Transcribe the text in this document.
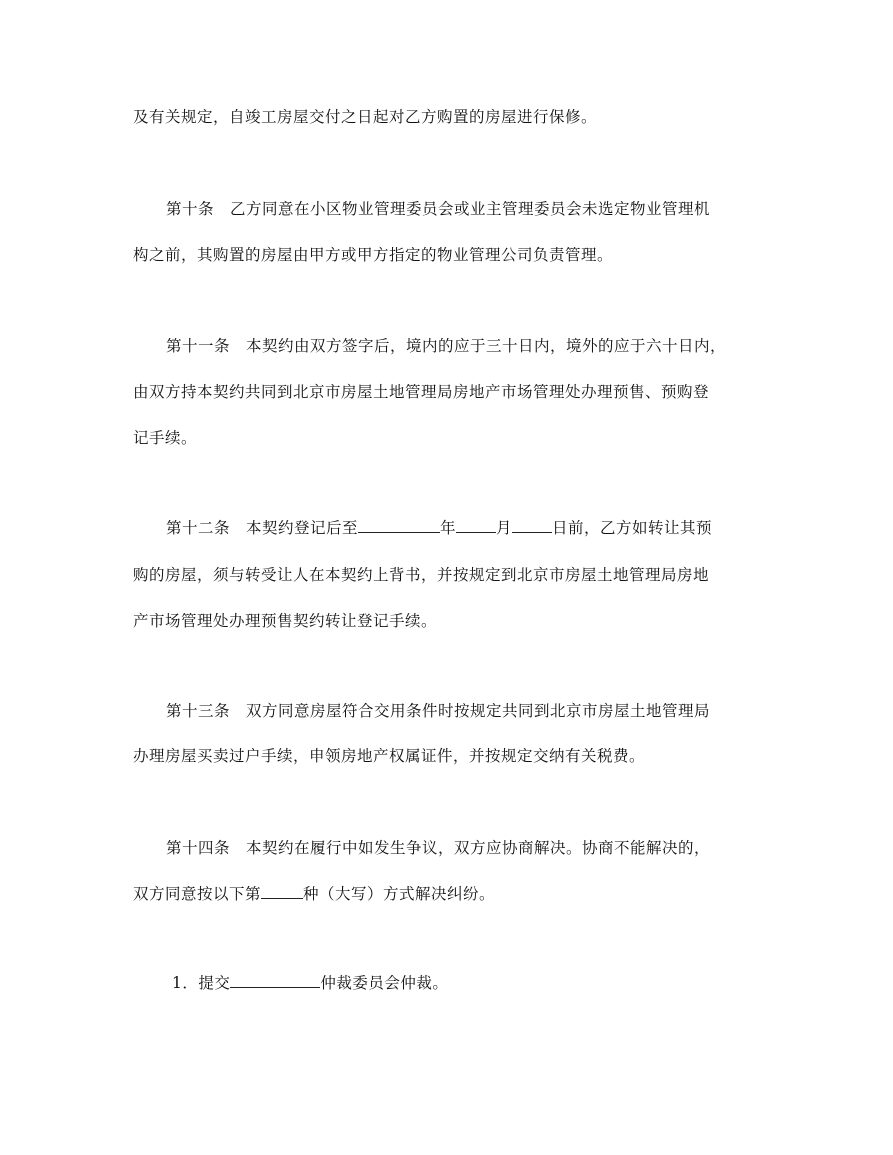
及有关规定，自竣工房屋交付之日起对乙方购置的房屋进行保修。
第十条　乙方同意在小区物业管理委员会或业主管理委员会未选定物业管理机
构之前，其购置的房屋由甲方或甲方指定的物业管理公司负责管理。
第十一条　本契约由双方签字后，境内的应于三十日内，境外的应于六十日内，
由双方持本契约共同到北京市房屋土地管理局房地产市场管理处办理预售、预购登
记手续。
第十二条　本契约登记后至	年	月	日前，乙方如转让其预
购的房屋，须与转受让人在本契约上背书，并按规定到北京市房屋土地管理局房地
产市场管理处办理预售契约转让登记手续。
第十三条　双方同意房屋符合交用条件时按规定共同到北京市房屋土地管理局
办理房屋买卖过户手续，申领房地产权属证件，并按规定交纳有关税费。
第十四条　本契约在履行中如发生争议，双方应协商解决。协商不能解决的，
双方同意按以下第	种（大写）方式解决纠纷。
1．提交	仲裁委员会仲裁。
